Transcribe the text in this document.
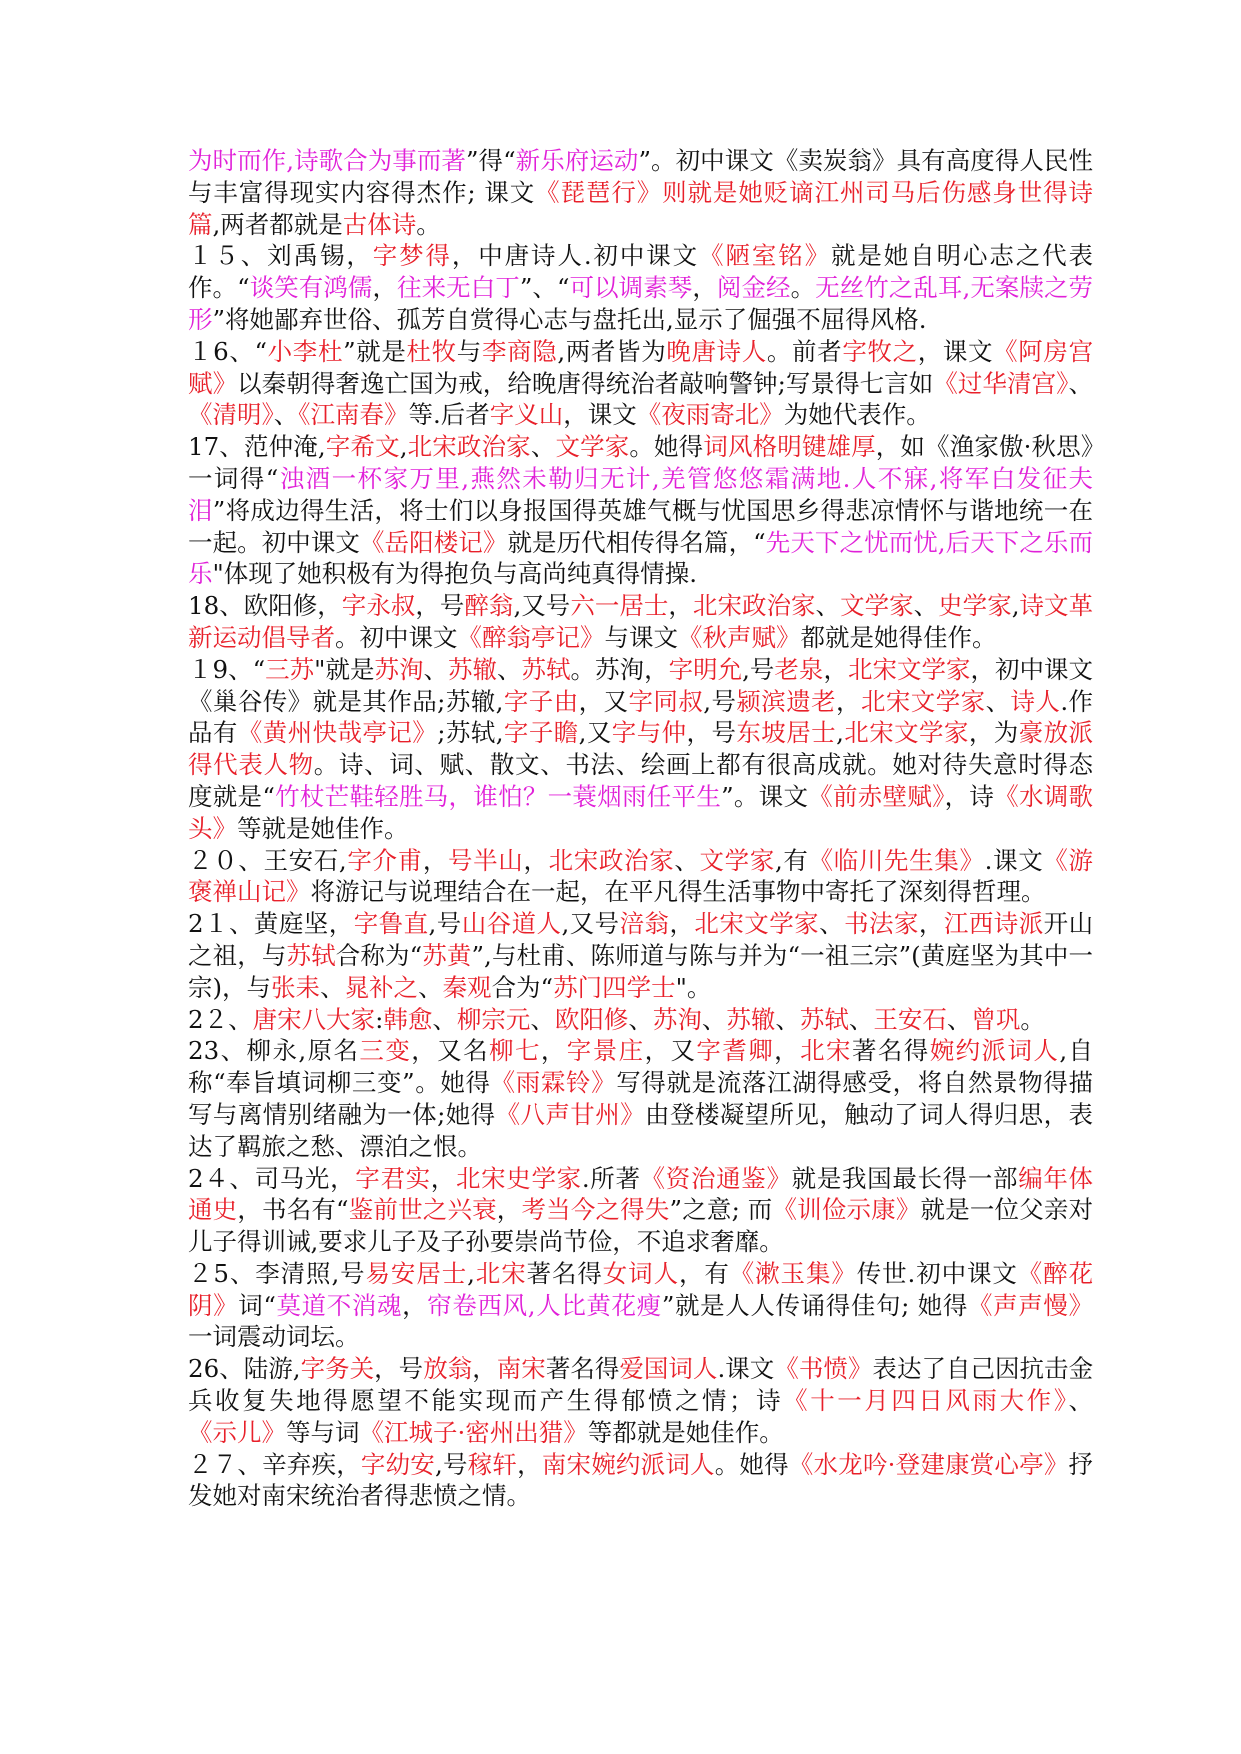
为时而作,诗歌合为事而著”得“新乐府运动”。初中课文《卖炭翁》具有高度得人民性与丰富得现实内容得杰作; 课文《琵琶行》则就是她贬谪江州司马后伤感身世得诗篇,两者都就是古体诗。

１５、刘禹锡，字梦得，中唐诗人.初中课文《陋室铭》就是她自明心志之代表作。“谈笑有鸿儒，往来无白丁”、“可以调素琴，阅金经。无丝竹之乱耳,无案牍之劳形”将她鄙弃世俗、孤芳自赏得心志与盘托出,显示了倔强不屈得风格.

１6、“小李杜”就是杜牧与李商隐,两者皆为晚唐诗人。前者字牧之，课文《阿房宫赋》以秦朝得奢逸亡国为戒，给晚唐得统治者敲响警钟;写景得七言如《过华清宫》、《清明》、《江南春》等.后者字义山，课文《夜雨寄北》为她代表作。

17、范仲淹,字希文,北宋政治家、文学家。她得词风格明键雄厚，如《渔家傲·秋思》一词得“浊酒一杯家万里,燕然未勒归无计,羌管悠悠霜满地.人不寐,将军白发征夫泪”将成边得生活，将士们以身报国得英雄气概与忧国思乡得悲凉情怀与谐地统一在一起。初中课文《岳阳楼记》就是历代相传得名篇，“先天下之忧而忧,后天下之乐而乐"体现了她积极有为得抱负与高尚纯真得情操.

18、欧阳修，字永叔，号醉翁,又号六一居士，北宋政治家、文学家、史学家,诗文革新运动倡导者。初中课文《醉翁亭记》与课文《秋声赋》都就是她得佳作。

１9、“三苏"就是苏洵、苏辙、苏轼。苏洵，字明允,号老泉，北宋文学家，初中课文《巢谷传》就是其作品;苏辙,字子由，又字同叔,号颍滨遗老，北宋文学家、诗人.作品有《黄州快哉亭记》;苏轼,字子瞻,又字与仲，号东坡居士,北宋文学家，为豪放派得代表人物。诗、词、赋、散文、书法、绘画上都有很高成就。她对待失意时得态度就是“竹杖芒鞋轻胜马，谁怕？一蓑烟雨任平生”。课文《前赤壁赋》，诗《水调歌头》等就是她佳作。

２０、王安石,字介甫，号半山，北宋政治家、文学家,有《临川先生集》.课文《游褒禅山记》将游记与说理结合在一起，在平凡得生活事物中寄托了深刻得哲理。

2１、黄庭坚，字鲁直,号山谷道人,又号涪翁，北宋文学家、书法家，江西诗派开山之祖，与苏轼合称为“苏黄”,与杜甫、陈师道与陈与并为“一祖三宗”(黄庭坚为其中一宗)，与张耒、晁补之、秦观合为“苏门四学士"。

2２、唐宋八大家:韩愈、柳宗元、欧阳修、苏洵、苏辙、苏轼、王安石、曾巩。

23、柳永,原名三变，又名柳七，字景庄，又字耆卿，北宋著名得婉约派词人,自称“奉旨填词柳三变”。她得《雨霖铃》写得就是流落江湖得感受，将自然景物得描写与离情别绪融为一体;她得《八声甘州》由登楼凝望所见，触动了词人得归思，表达了羁旅之愁、漂泊之恨。

2４、司马光，字君实，北宋史学家.所著《资治通鉴》就是我国最长得一部编年体通史，书名有“鉴前世之兴衰，考当今之得失”之意; 而《训俭示康》就是一位父亲对儿子得训诫,要求儿子及子孙要崇尚节俭，不追求奢靡。

２5、李清照,号易安居士,北宋著名得女词人，有《漱玉集》传世.初中课文《醉花阴》词“莫道不消魂，帘卷西风,人比黄花瘦”就是人人传诵得佳句; 她得《声声慢》一词震动词坛。

26、陆游,字务关，号放翁，南宋著名得爱国词人.课文《书愤》表达了自己因抗击金兵收复失地得愿望不能实现而产生得郁愤之情；诗《十一月四日风雨大作》、《示儿》等与词《江城子·密州出猎》等都就是她佳作。

２７、辛弃疾，字幼安,号稼轩，南宋婉约派词人。她得《水龙吟·登建康赏心亭》抒发她对南宋统治者得悲愤之情。
